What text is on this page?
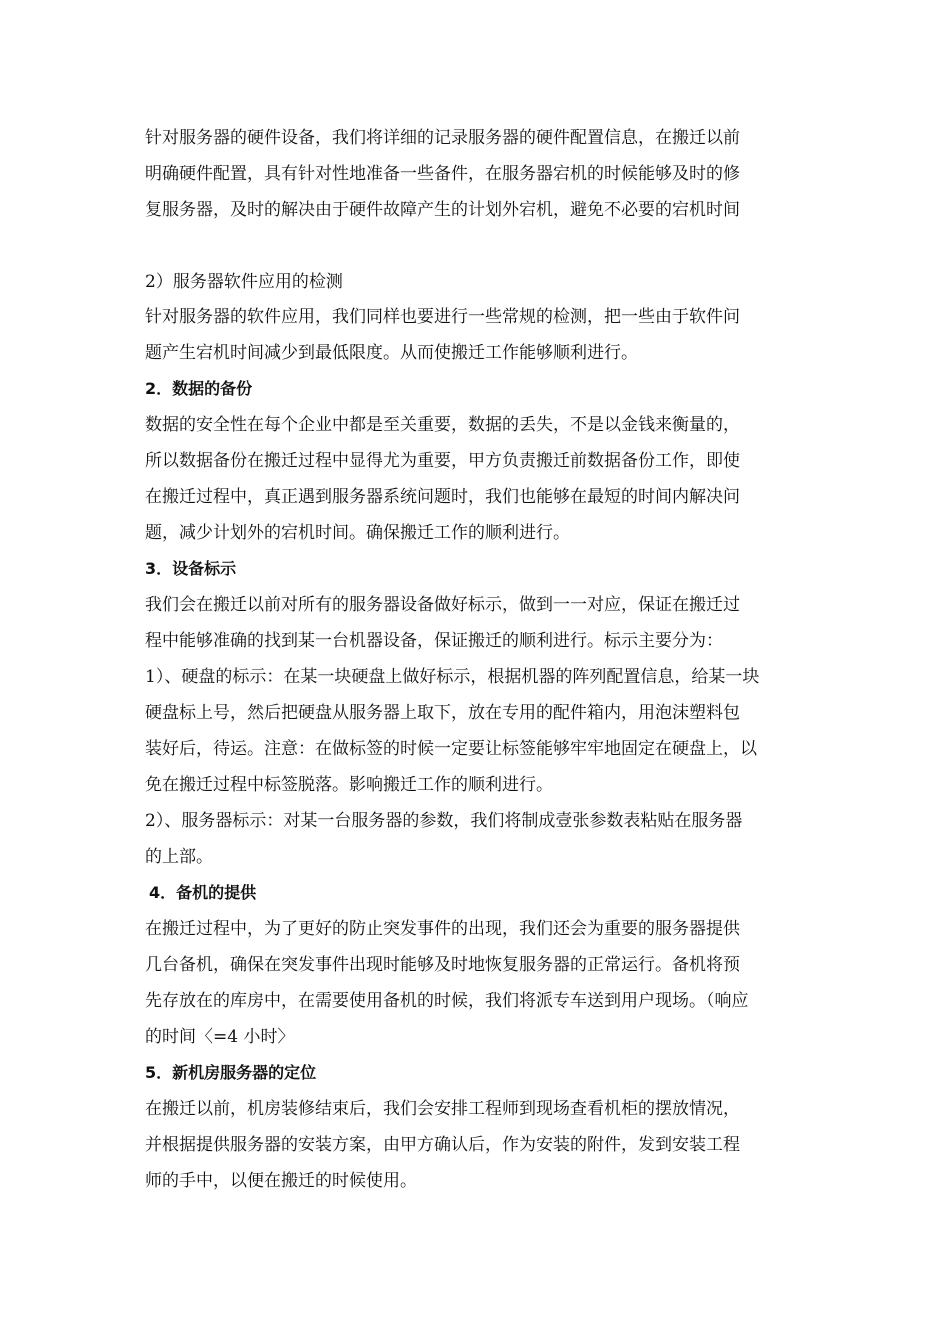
针对服务器的硬件设备，我们将详细的记录服务器的硬件配置信息，在搬迁以前
明确硬件配置，具有针对性地准备一些备件，在服务器宕机的时候能够及时的修
复服务器，及时的解决由于硬件故障产生的计划外宕机，避免不必要的宕机时间
2）服务器软件应用的检测
针对服务器的软件应用，我们同样也要进行一些常规的检测，把一些由于软件问
题产生宕机时间减少到最低限度。从而使搬迁工作能够顺利进行。
2．数据的备份
数据的安全性在每个企业中都是至关重要，数据的丢失，不是以金钱来衡量的，
所以数据备份在搬迁过程中显得尤为重要，甲方负责搬迁前数据备份工作，即使
在搬迁过程中，真正遇到服务器系统问题时，我们也能够在最短的时间内解决问
题，减少计划外的宕机时间。确保搬迁工作的顺利进行。
3．设备标示
我们会在搬迁以前对所有的服务器设备做好标示，做到一一对应，保证在搬迁过
程中能够准确的找到某一台机器设备，保证搬迁的顺利进行。标示主要分为：
1）、硬盘的标示：在某一块硬盘上做好标示，根据机器的阵列配置信息，给某一块
硬盘标上号，然后把硬盘从服务器上取下，放在专用的配件箱内，用泡沫塑料包
装好后，待运。注意：在做标签的时候一定要让标签能够牢牢地固定在硬盘上，以
免在搬迁过程中标签脱落。影响搬迁工作的顺利进行。
2）、服务器标示：对某一台服务器的参数，我们将制成壹张参数表粘贴在服务器
的上部。
4．备机的提供
在搬迁过程中，为了更好的防止突发事件的出现，我们还会为重要的服务器提供
几台备机，确保在突发事件出现时能够及时地恢复服务器的正常运行。备机将预
先存放在的库房中，在需要使用备机的时候，我们将派专车送到用户现场。（响应
的时间〈=4 小时〉
5．新机房服务器的定位
在搬迁以前，机房装修结束后，我们会安排工程师到现场查看机柜的摆放情况，
并根据提供服务器的安装方案，由甲方确认后，作为安装的附件，发到安装工程
师的手中，以便在搬迁的时候使用。
